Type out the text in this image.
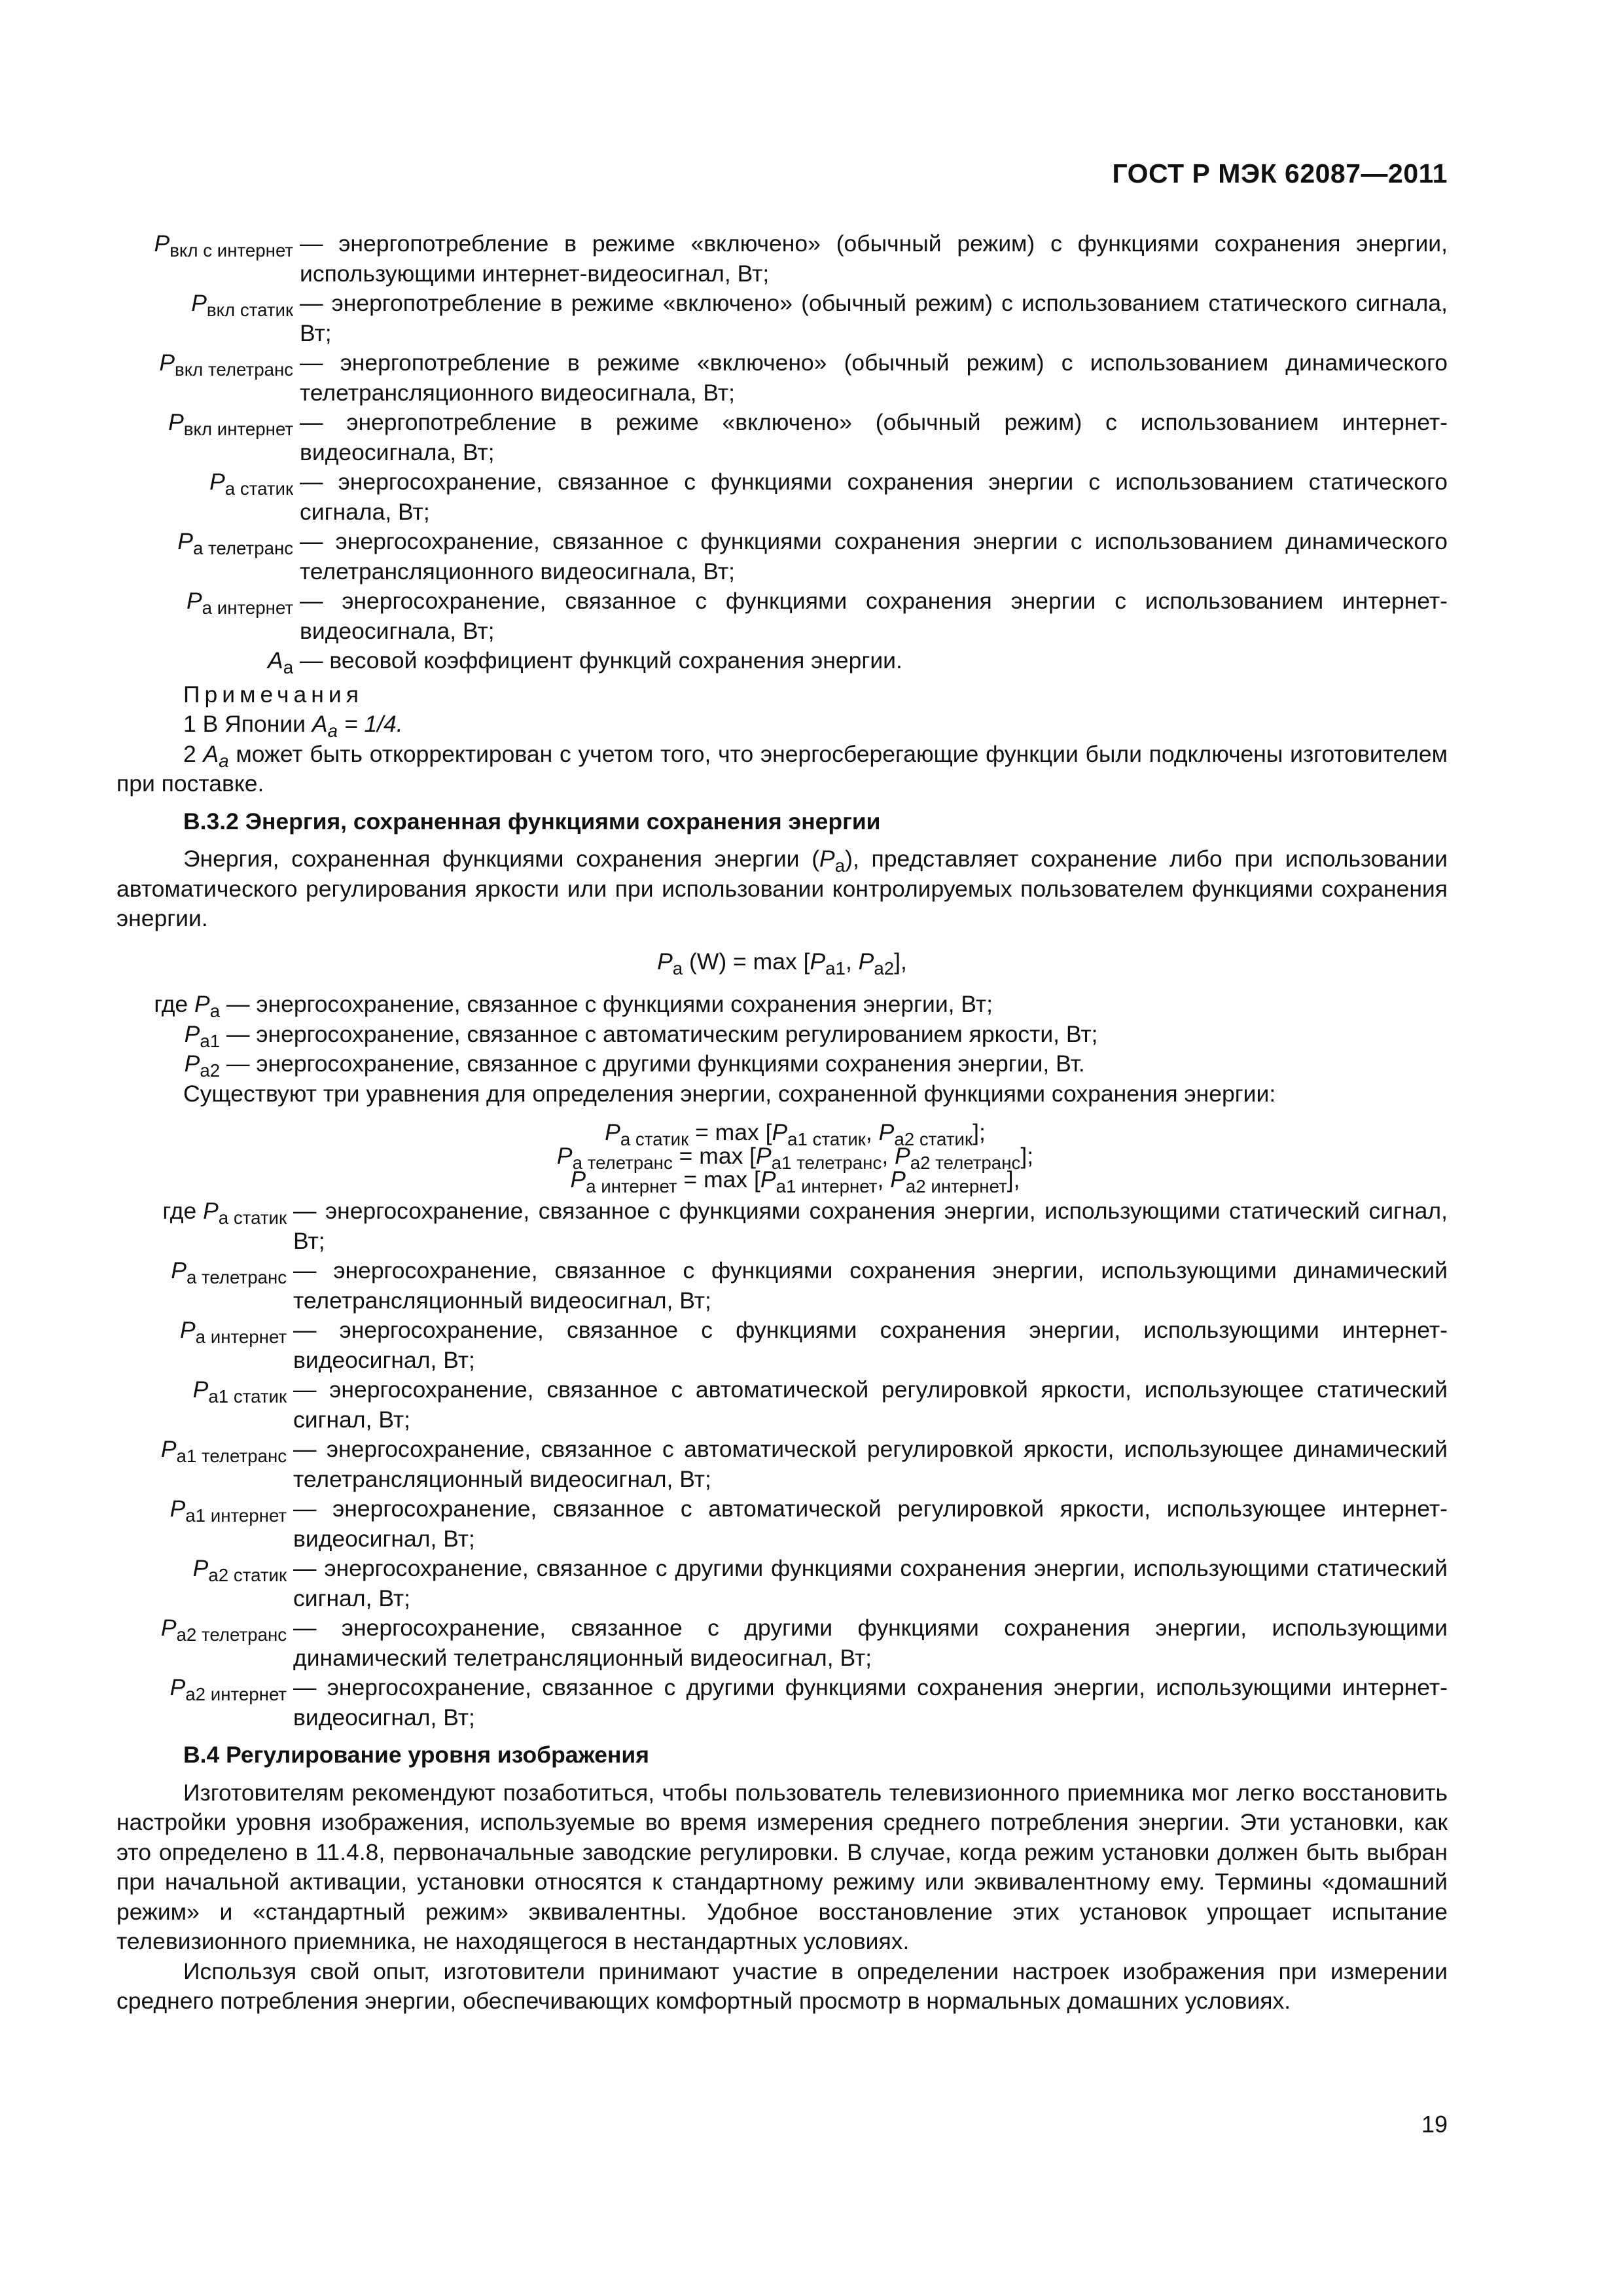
ГОСТ Р МЭК 62087—2011
$P_{вкл с интернет}$ — энергопотребление в режиме «включено» (обычный режим) с функциями сохранения энергии, использующими интернет-видеосигнал, Вт;
$P_{вкл статик}$ — энергопотребление в режиме «включено» (обычный режим) с использованием статического сигнала, Вт;
$P_{вкл телетранс}$ — энергопотребление в режиме «включено» (обычный режим) с использованием динамического телетрансляционного видеосигнала, Вт;
$P_{вкл интернет}$ — энергопотребление в режиме «включено» (обычный режим) с использованием интернет-видеосигнала, Вт;
$P_{а статик}$ — энергосохранение, связанное с функциями сохранения энергии с использованием статического сигнала, Вт;
$P_{а телетранс}$ — энергосохранение, связанное с функциями сохранения энергии с использованием динамического телетрансляционного видеосигнала, Вт;
$P_{а интернет}$ — энергосохранение, связанное с функциями сохранения энергии с использованием интернет-видеосигнала, Вт;
$A_а$ — весовой коэффициент функций сохранения энергии.
Примечания
1 В Японии $A_а = 1/4$.
2 $A_а$ может быть откорректирован с учетом того, что энергосберегающие функции были подключены изготовителем при поставке.
В.3.2 Энергия, сохраненная функциями сохранения энергии
Энергия, сохраненная функциями сохранения энергии $(P_а)$, представляет сохранение либо при использовании автоматического регулирования яркости или при использовании контролируемых пользователем функциями сохранения энергии.
$P_а$ $(W) = \max [P_{а1}$, $P_{а2}$],
где $P_а$ — энергосохранение, связанное с функциями сохранения энергии, Вт;
$P_{а1}$ — энергосохранение, связанное с автоматическим регулированием яркости, Вт;
$P_{а2}$ — энергосохранение, связанное с другими функциями сохранения энергии, Вт.
Существуют три уравнения для определения энергии, сохраненной функциями сохранения энергии:
$P_{а статик} = \max [P_{а1 статик}$, $P_{а2 статик}$];
$P_{а телетранс} = \max [P_{а1 телетранс}$, $P_{а2 телетранс}$];
$P_{а интернет} = \max [P_{а1 интернет}$, $P_{а2 интернет}$],
где $P_{а статик}$ — энергосохранение, связанное с функциями сохранения энергии, использующими статический сигнал, Вт;
$P_{а телетранс}$ — энергосохранение, связанное с функциями сохранения энергии, использующими динамический телетрансляционный видеосигнал, Вт;
$P_{а интернет}$ — энергосохранение, связанное с функциями сохранения энергии, использующими интернет-видеосигнал, Вт;
$P_{а1 статик}$ — энергосохранение, связанное с автоматической регулировкой яркости, использующее статический сигнал, Вт;
$P_{а1 телетранс}$ — энергосохранение, связанное с автоматической регулировкой яркости, использующее динамический телетрансляционный видеосигнал, Вт;
$P_{а1 интернет}$ — энергосохранение, связанное с автоматической регулировкой яркости, использующее интернет-видеосигнал, Вт;
$P_{а2 статик}$ — энергосохранение, связанное с другими функциями сохранения энергии, использующими статический сигнал, Вт;
$P_{а2 телетранс}$ — энергосохранение, связанное с другими функциями сохранения энергии, использующими динамический телетрансляционный видеосигнал, Вт;
$P_{а2 интернет}$ — энергосохранение, связанное с другими функциями сохранения энергии, использующими интернет-видеосигнал, Вт;
В.4 Регулирование уровня изображения
Изготовителям рекомендуют позаботиться, чтобы пользователь телевизионного приемника мог легко восстановить настройки уровня изображения, используемые во время измерения среднего потребления энергии. Эти установки, как это определено в 11.4.8, первоначальные заводские регулировки. В случае, когда режим установки должен быть выбран при начальной активации, установки относятся к стандартному режиму или эквивалентному ему. Термины «домашний режим» и «стандартный режим» эквивалентны. Удобное восстановление этих установок упрощает испытание телевизионного приемника, не находящегося в нестандартных условиях.
Используя свой опыт, изготовители принимают участие в определении настроек изображения при измерении среднего потребления энергии, обеспечивающих комфортный просмотр в нормальных домашних условиях.
19
